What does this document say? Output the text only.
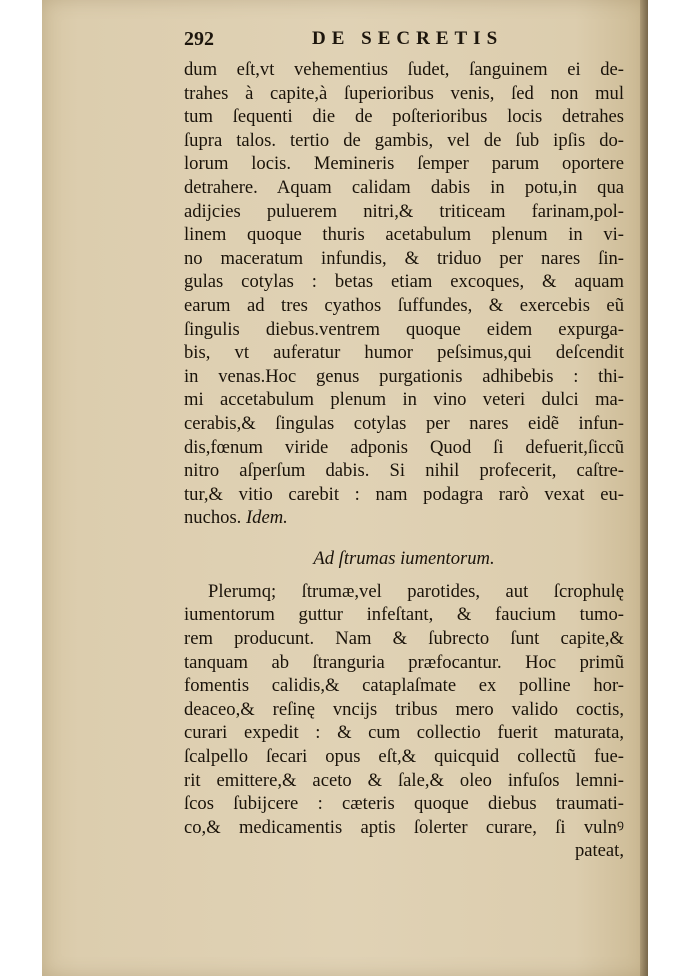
292	DE SECRETIS
dum eſt,vt vehementius ſudet, ſanguinem ei de-
trahes à capite,à ſuperioribus venis, ſed non mul
tum ſequenti die de poſterioribus locis detrahes
ſupra talos. tertio de gambis, vel de ſub ipſis do-
lorum locis. Memineris ſemper parum oportere
detrahere. Aquam calidam dabis in potu,in qua
adijcies puluerem nitri,& triticeam farinam,pol-
linem quoque thuris acetabulum plenum in vi-
no maceratum infundis, & triduo per nares ſin-
gulas cotylas : betas etiam excoques, & aquam
earum ad tres cyathos ſuffundes, & exercebis eũ
ſingulis diebus.ventrem quoque eidem expurga-
bis, vt auferatur humor peſsimus,qui deſcendit
in venas.Hoc genus purgationis adhibebis : thi-
mi accetabulum plenum in vino veteri dulci ma-
cerabis,& ſingulas cotylas per nares eidẽ infun-
dis,fœnum viride adponis Quod ſi defuerit,ſiccũ
nitro aſperſum dabis. Si nihil profecerit, caſtre-
tur,& vitio carebit : nam podagra rarò vexat eu-
nuchos. Idem.
Ad ſtrumas iumentorum.
Plerumq; ſtrumæ,vel parotides, aut ſcrophulę
iumentorum guttur infeſtant, & faucium tumo-
rem producunt. Nam & ſubrecto ſunt capite,&
tanquam ab ſtranguria præfocantur. Hoc primũ
fomentis calidis,& cataplaſmate ex polline hor-
deaceo,& reſinę vncijs tribus mero valido coctis,
curari expedit : & cum collectio fuerit maturata,
ſcalpello ſecari opus eſt,& quicquid collectũ fue-
rit emittere,& aceto & ſale,& oleo infuſos lemni-
ſcos ſubijcere : cæteris quoque diebus traumati-
co,& medicamentis aptis ſolerter curare, ſi vulnꝰ
pateat,
